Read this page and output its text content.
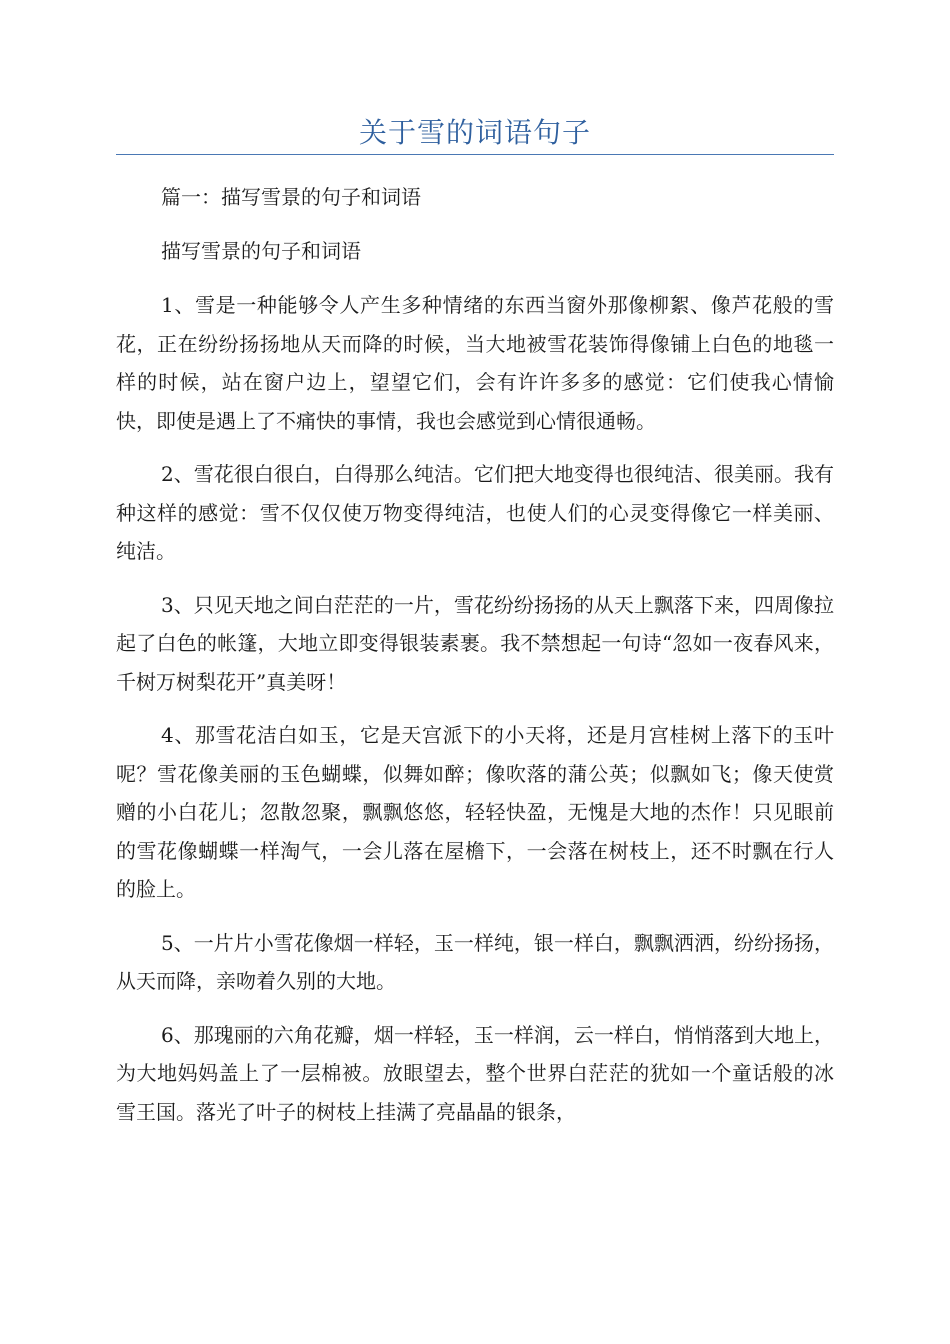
关于雪的词语句子

篇一：描写雪景的句子和词语

描写雪景的句子和词语

1、雪是一种能够令人产生多种情绪的东西当窗外那像柳絮、像芦花般的雪花，正在纷纷扬扬地从天而降的时候，当大地被雪花装饰得像铺上白色的地毯一样的时候，站在窗户边上，望望它们，会有许许多多的感觉：它们使我心情愉快，即使是遇上了不痛快的事情，我也会感觉到心情很通畅。

2、雪花很白很白，白得那么纯洁。它们把大地变得也很纯洁、很美丽。我有种这样的感觉：雪不仅仅使万物变得纯洁，也使人们的心灵变得像它一样美丽、纯洁。

3、只见天地之间白茫茫的一片，雪花纷纷扬扬的从天上飘落下来，四周像拉起了白色的帐篷，大地立即变得银装素裹。我不禁想起一句诗“忽如一夜春风来，千树万树梨花开”真美呀！

4、那雪花洁白如玉，它是天宫派下的小天将，还是月宫桂树上落下的玉叶呢？雪花像美丽的玉色蝴蝶，似舞如醉；像吹落的蒲公英；似飘如飞；像天使赏赠的小白花儿；忽散忽聚，飘飘悠悠，轻轻快盈，无愧是大地的杰作！只见眼前的雪花像蝴蝶一样淘气，一会儿落在屋檐下，一会落在树枝上，还不时飘在行人的脸上。

5、一片片小雪花像烟一样轻，玉一样纯，银一样白，飘飘洒洒，纷纷扬扬，从天而降，亲吻着久别的大地。

6、那瑰丽的六角花瓣，烟一样轻，玉一样润，云一样白，悄悄落到大地上，为大地妈妈盖上了一层棉被。放眼望去，整个世界白茫茫的犹如一个童话般的冰雪王国。落光了叶子的树枝上挂满了亮晶晶的银条，
